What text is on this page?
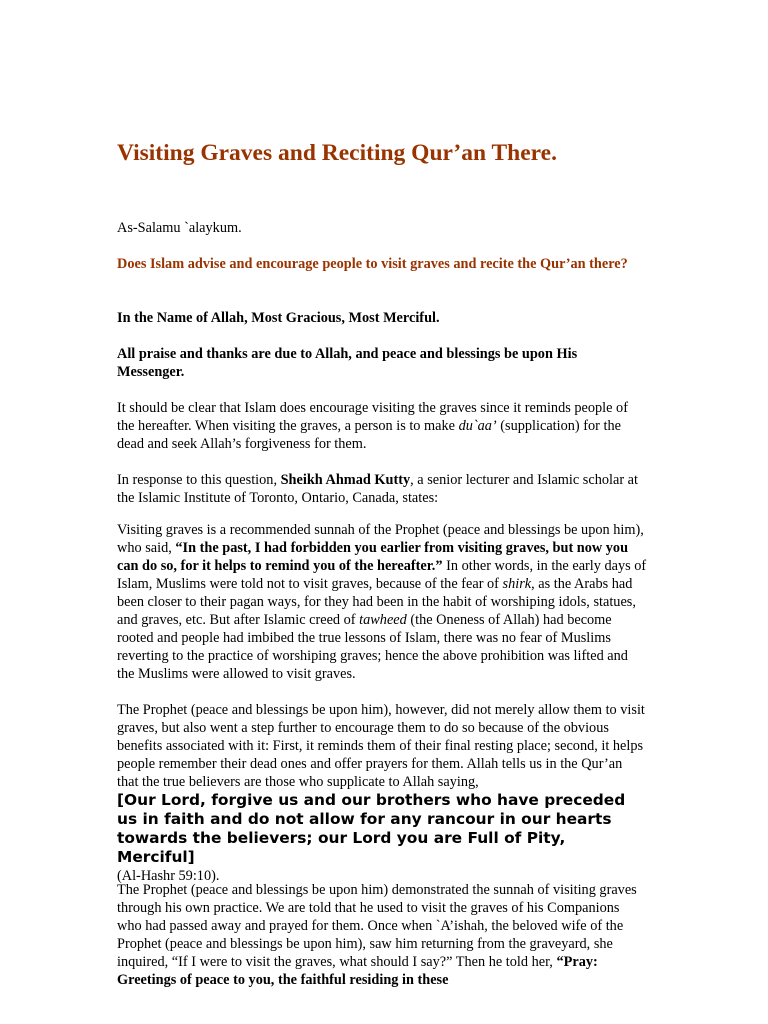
Visiting Graves and Reciting Qur’an There.

As-Salamu `alaykum.

Does Islam advise and encourage people to visit graves and recite the Qur’an there?

In the Name of Allah, Most Gracious, Most Merciful.

All praise and thanks are due to Allah, and peace and blessings be upon His Messenger.

It should be clear that Islam does encourage visiting the graves since it reminds people of the hereafter. When visiting the graves, a person is to make du`aa’ (supplication) for the dead and seek Allah’s forgiveness for them.

In response to this question, Sheikh Ahmad Kutty, a senior lecturer and Islamic scholar at the Islamic Institute of Toronto, Ontario, Canada, states:

Visiting graves is a recommended sunnah of the Prophet (peace and blessings be upon him), who said, “In the past, I had forbidden you earlier from visiting graves, but now you can do so, for it helps to remind you of the hereafter.” In other words, in the early days of Islam, Muslims were told not to visit graves, because of the fear of shirk, as the Arabs had been closer to their pagan ways, for they had been in the habit of worshiping idols, statues, and graves, etc. But after Islamic creed of tawheed (the Oneness of Allah) had become rooted and people had imbibed the true lessons of Islam, there was no fear of Muslims reverting to the practice of worshiping graves; hence the above prohibition was lifted and the Muslims were allowed to visit graves.

The Prophet (peace and blessings be upon him), however, did not merely allow them to visit graves, but also went a step further to encourage them to do so because of the obvious benefits associated with it: First, it reminds them of their final resting place; second, it helps people remember their dead ones and offer prayers for them. Allah tells us in the Qur’an that the true believers are those who supplicate to Allah saying,
[Our Lord, forgive us and our brothers who have preceded us in faith and do not allow for any rancour in our hearts towards the believers; our Lord you are Full of Pity, Merciful]
(Al-Hashr 59:10).

The Prophet (peace and blessings be upon him) demonstrated the sunnah of visiting graves through his own practice. We are told that he used to visit the graves of his Companions who had passed away and prayed for them. Once when `A’ishah, the beloved wife of the Prophet (peace and blessings be upon him), saw him returning from the graveyard, she inquired, “If I were to visit the graves, what should I say?” Then he told her, “Pray: Greetings of peace to you, the faithful residing in these
